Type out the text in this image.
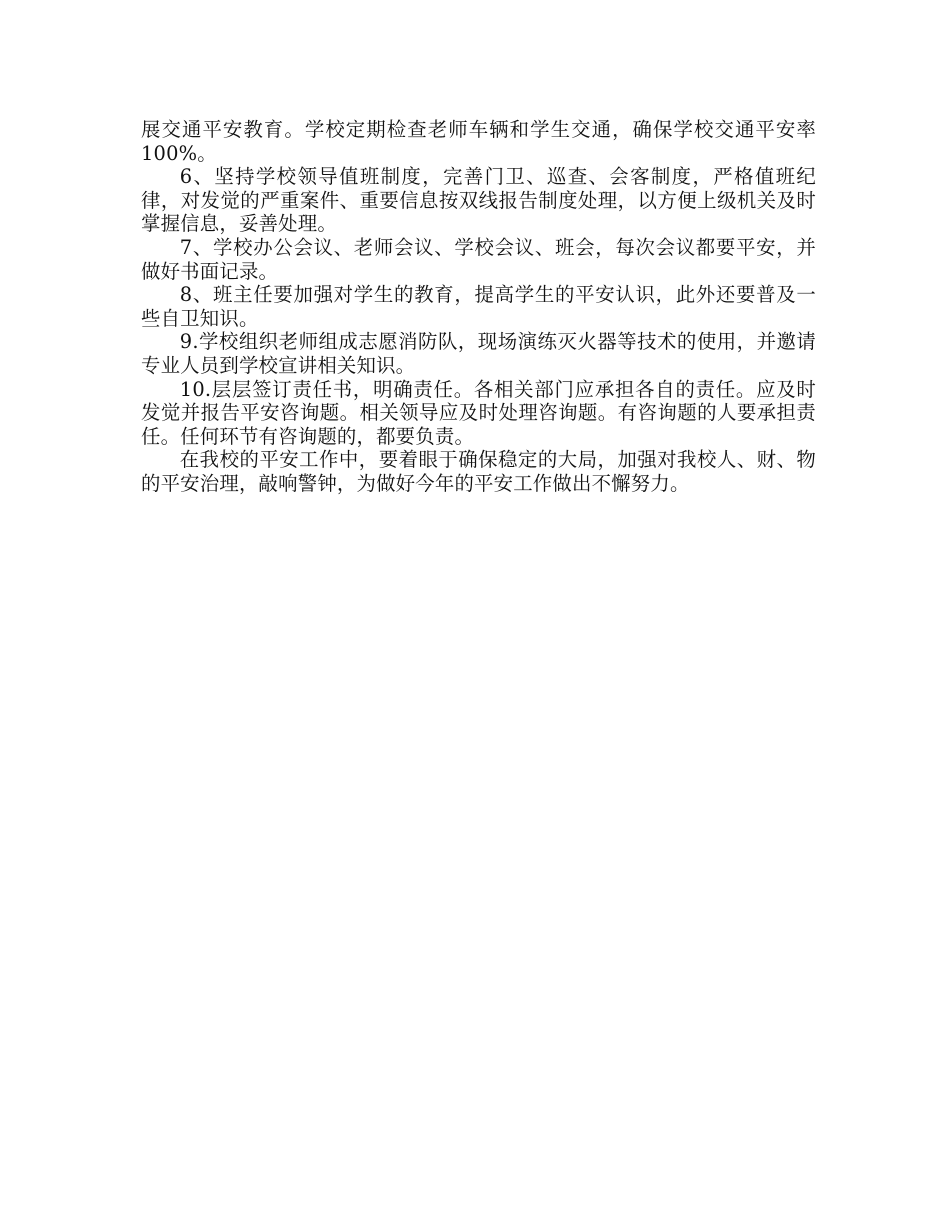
展交通平安教育。学校定期检查老师车辆和学生交通，确保学校交通平安率100%。

6、坚持学校领导值班制度，完善门卫、巡查、会客制度，严格值班纪律，对发觉的严重案件、重要信息按双线报告制度处理，以方便上级机关及时掌握信息，妥善处理。

7、学校办公会议、老师会议、学校会议、班会，每次会议都要平安，并做好书面记录。

8、班主任要加强对学生的教育，提高学生的平安认识，此外还要普及一些自卫知识。

9.学校组织老师组成志愿消防队，现场演练灭火器等技术的使用，并邀请专业人员到学校宣讲相关知识。

10.层层签订责任书，明确责任。各相关部门应承担各自的责任。应及时发觉并报告平安咨询题。相关领导应及时处理咨询题。有咨询题的人要承担责任。任何环节有咨询题的，都要负责。

在我校的平安工作中，要着眼于确保稳定的大局，加强对我校人、财、物的平安治理，敲响警钟，为做好今年的平安工作做出不懈努力。
